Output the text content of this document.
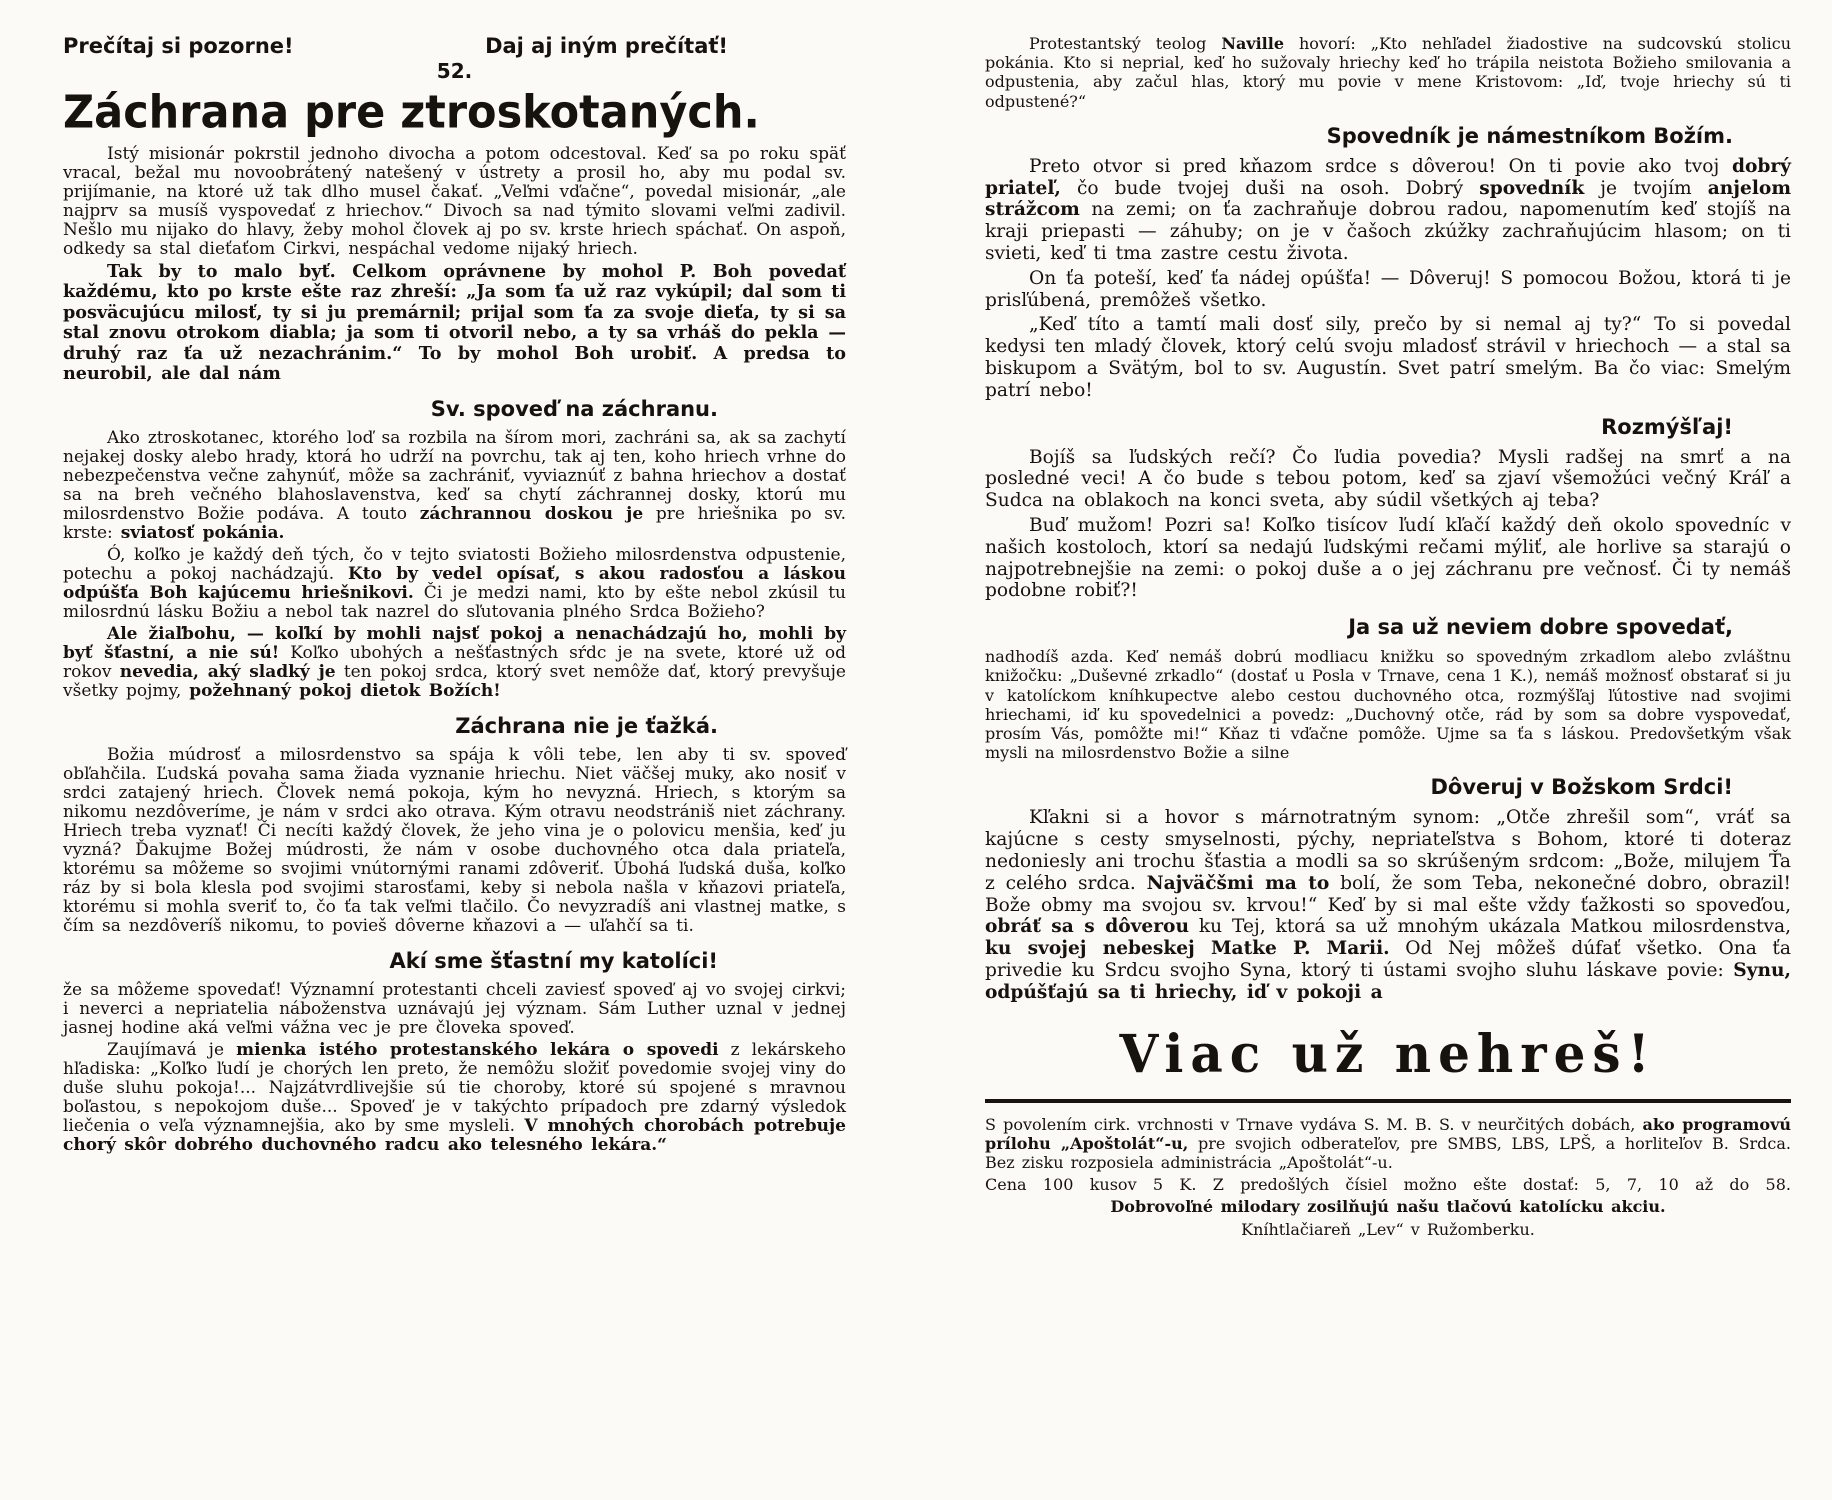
Prečítaj si pozorne!	Daj aj iným prečítať!
52.
Záchrana pre ztroskotaných.

Istý misionár pokrstil jednoho divocha a potom odcestoval. Keď sa po roku späť vracal, bežal mu novoobrátený natešený v ústrety a prosil ho, aby mu podal sv. prijímanie, na ktoré už tak dlho musel čakať. „Veľmi vďačne“, povedal misionár, „ale najprv sa musíš vyspovedať z hriechov.“ Divoch sa nad týmito slovami veľmi zadivil. Nešlo mu nijako do hlavy, žeby mohol človek aj po sv. krste hriech spáchať. On aspoň, odkedy sa stal dieťaťom Cirkvi, nespáchal vedome nijaký hriech.

Tak by to malo byť. Celkom oprávnene by mohol P. Boh povedať každému, kto po krste ešte raz zhreší: „Ja som ťa už raz vykúpil; dal som ti posväcujúcu milosť, ty si ju premárnil; prijal som ťa za svoje dieťa, ty si sa stal znovu otrokom diabla; ja som ti otvoril nebo, a ty sa vrháš do pekla — druhý raz ťa už nezachránim.“ To by mohol Boh urobiť. A predsa to neurobil, ale dal nám

Sv. spoveď na záchranu.

Ako ztroskotanec, ktorého loď sa rozbila na šírom mori, zachráni sa, ak sa zachytí nejakej dosky alebo hrady, ktorá ho udrží na povrchu, tak aj ten, koho hriech vrhne do nebezpečenstva večne zahynúť, môže sa zachrániť, vyviaznúť z bahna hriechov a dostať sa na breh večného blahoslavenstva, keď sa chytí záchrannej dosky, ktorú mu milosrdenstvo Božie podáva. A touto záchrannou doskou je pre hriešnika po sv. krste: sviatosť pokánia.

Ó, koľko je každý deň tých, čo v tejto sviatosti Božieho milosrdenstva odpustenie, potechu a pokoj nachádzajú. Kto by vedel opísať, s akou radosťou a láskou odpúšťa Boh kajúcemu hriešnikovi. Či je medzi nami, kto by ešte nebol zkúsil tu milosrdnú lásku Božiu a nebol tak nazrel do sľutovania plného Srdca Božieho?

Ale žiaľbohu, — koľkí by mohli najsť pokoj a nenachádzajú ho, mohli by byť šťastní, a nie sú! Koľko ubohých a nešťastných sŕdc je na svete, ktoré už od rokov nevedia, aký sladký je ten pokoj srdca, ktorý svet nemôže dať, ktorý prevyšuje všetky pojmy, požehnaný pokoj dietok Božích!

Záchrana nie je ťažká.

Božia múdrosť a milosrdenstvo sa spája k vôli tebe, len aby ti sv. spoveď obľahčila. Ľudská povaha sama žiada vyznanie hriechu. Niet väčšej muky, ako nosiť v srdci zatajený hriech. Človek nemá pokoja, kým ho nevyzná. Hriech, s ktorým sa nikomu nezdôveríme, je nám v srdci ako otrava. Kým otravu neodstrániš niet záchrany. Hriech treba vyznať! Či necíti každý človek, že jeho vina je o polovicu menšia, keď ju vyzná? Ďakujme Božej múdrosti, že nám v osobe duchovného otca dala priateľa, ktorému sa môžeme so svojimi vnútornými ranami zdôveriť. Úbohá ľudská duša, koľko ráz by si bola klesla pod svojimi starosťami, keby si nebola našla v kňazovi priateľa, ktorému si mohla sveriť to, čo ťa tak veľmi tlačilo. Čo nevyzradíš ani vlastnej matke, s čím sa nezdôveríš nikomu, to povieš dôverne kňazovi a — uľahčí sa ti.

Akí sme šťastní my katolíci!

že sa môžeme spovedať! Významní protestanti chceli zaviesť spoveď aj vo svojej cirkvi; i neverci a nepriatelia náboženstva uznávajú jej význam. Sám Luther uznal v jednej jasnej hodine aká veľmi vážna vec je pre človeka spoveď.

Zaujímavá je mienka istého protestanského lekára o spovedi z lekárskeho hľadiska: „Koľko ľudí je chorých len preto, že nemôžu složiť povedomie svojej viny do duše sluhu pokoja!... Najzátvrdlivejšie sú tie choroby, ktoré sú spojené s mravnou boľastou, s nepokojom duše... Spoveď je v takýchto prípadoch pre zdarný výsledok liečenia o veľa významnejšia, ako by sme mysleli. V mnohých chorobách potrebuje chorý skôr dobrého duchovného radcu ako telesného lekára.“

Protestantský teolog Naville hovorí: „Kto nehľadel žiadostive na sudcovskú stolicu pokánia. Kto si neprial, keď ho sužovaly hriechy keď ho trápila neistota Božieho smilovania a odpustenia, aby začul hlas, ktorý mu povie v mene Kristovom: „Iď, tvoje hriechy sú ti odpustené?“

Spovedník je námestníkom Božím.

Preto otvor si pred kňazom srdce s dôverou! On ti povie ako tvoj dobrý priateľ, čo bude tvojej duši na osoh. Dobrý spovedník je tvojím anjelom strážcom na zemi; on ťa zachraňuje dobrou radou, napomenutím keď stojíš na kraji priepasti — záhuby; on je v čašoch zkúžky zachraňujúcim hlasom; on ti svieti, keď ti tma zastre cestu života.

On ťa poteší, keď ťa nádej opúšťa! — Dôveruj! S pomocou Božou, ktorá ti je prisľúbená, premôžeš všetko.

„Keď títo a tamtí mali dosť sily, prečo by si nemal aj ty?“ To si povedal kedysi ten mladý človek, ktorý celú svoju mladosť strávil v hriechoch — a stal sa biskupom a Svätým, bol to sv. Augustín. Svet patrí smelým. Ba čo viac: Smelým patrí nebo!

Rozmýšľaj!

Bojíš sa ľudských rečí? Čo ľudia povedia? Mysli radšej na smrť a na posledné veci! A čo bude s tebou potom, keď sa zjaví všemožúci večný Kráľ a Sudca na oblakoch na konci sveta, aby súdil všetkých aj teba?

Buď mužom! Pozri sa! Koľko tisícov ľudí kľačí každý deň okolo spovedníc v našich kostoloch, ktorí sa nedajú ľudskými rečami mýliť, ale horlive sa starajú o najpotrebnejšie na zemi: o pokoj duše a o jej záchranu pre večnosť. Či ty nemáš podobne robiť?!

Ja sa už neviem dobre spovedať,

nadhodíš azda. Keď nemáš dobrú modliacu knižku so spovedným zrkadlom alebo zvláštnu knižočku: „Duševné zrkadlo“ (dostať u Posla v Trnave, cena 1 K.), nemáš možnosť obstarať si ju v katolíckom kníhkupectve alebo cestou duchovného otca, rozmýšľaj ľútostive nad svojimi hriechami, iď ku spovedelnici a povedz: „Duchovný otče, rád by som sa dobre vyspovedať, prosím Vás, pomôžte mi!“ Kňaz ti vďačne pomôže. Ujme sa ťa s láskou. Predovšetkým však mysli na milosrdenstvo Božie a silne

Dôveruj v Božskom Srdci!

Kľakni si a hovor s márnotratným synom: „Otče zhrešil som“, vráť sa kajúcne s cesty smyselnosti, pýchy, nepriateľstva s Bohom, ktoré ti doteraz nedoniesly ani trochu šťastia a modli sa so skrúšeným srdcom: „Bože, milujem Ťa z celého srdca. Najväčšmi ma to bolí, že som Teba, nekonečné dobro, obrazil! Bože obmy ma svojou sv. krvou!“ Keď by si mal ešte vždy ťažkosti so spoveďou, obráť sa s dôverou ku Tej, ktorá sa už mnohým ukázala Matkou milosrdenstva, ku svojej nebeskej Matke P. Marii. Od Nej môžeš dúfať všetko. Ona ťa privedie ku Srdcu svojho Syna, ktorý ti ústami svojho sluhu láskave povie: Synu, odpúšťajú sa ti hriechy, iď v pokoji a

Viac už nehreš!

S povolením cirk. vrchnosti v Trnave vydáva S. M. B. S. v neurčitých dobách, ako programovú prílohu „Apoštolát“-u, pre svojich odberateľov, pre SMBS, LBS, LPŠ, a horliteľov B. Srdca. Bez zisku rozposiela administrácia „Apoštolát“-u.

Cena 100 kusov 5 K. Z predošlých čísiel možno ešte dostať: 5, 7, 10 až do 58.

Dobrovoľné milodary zosilňujú našu tlačovú katolícku akciu.

Kníhtlačiareň „Lev“ v Ružomberku.
